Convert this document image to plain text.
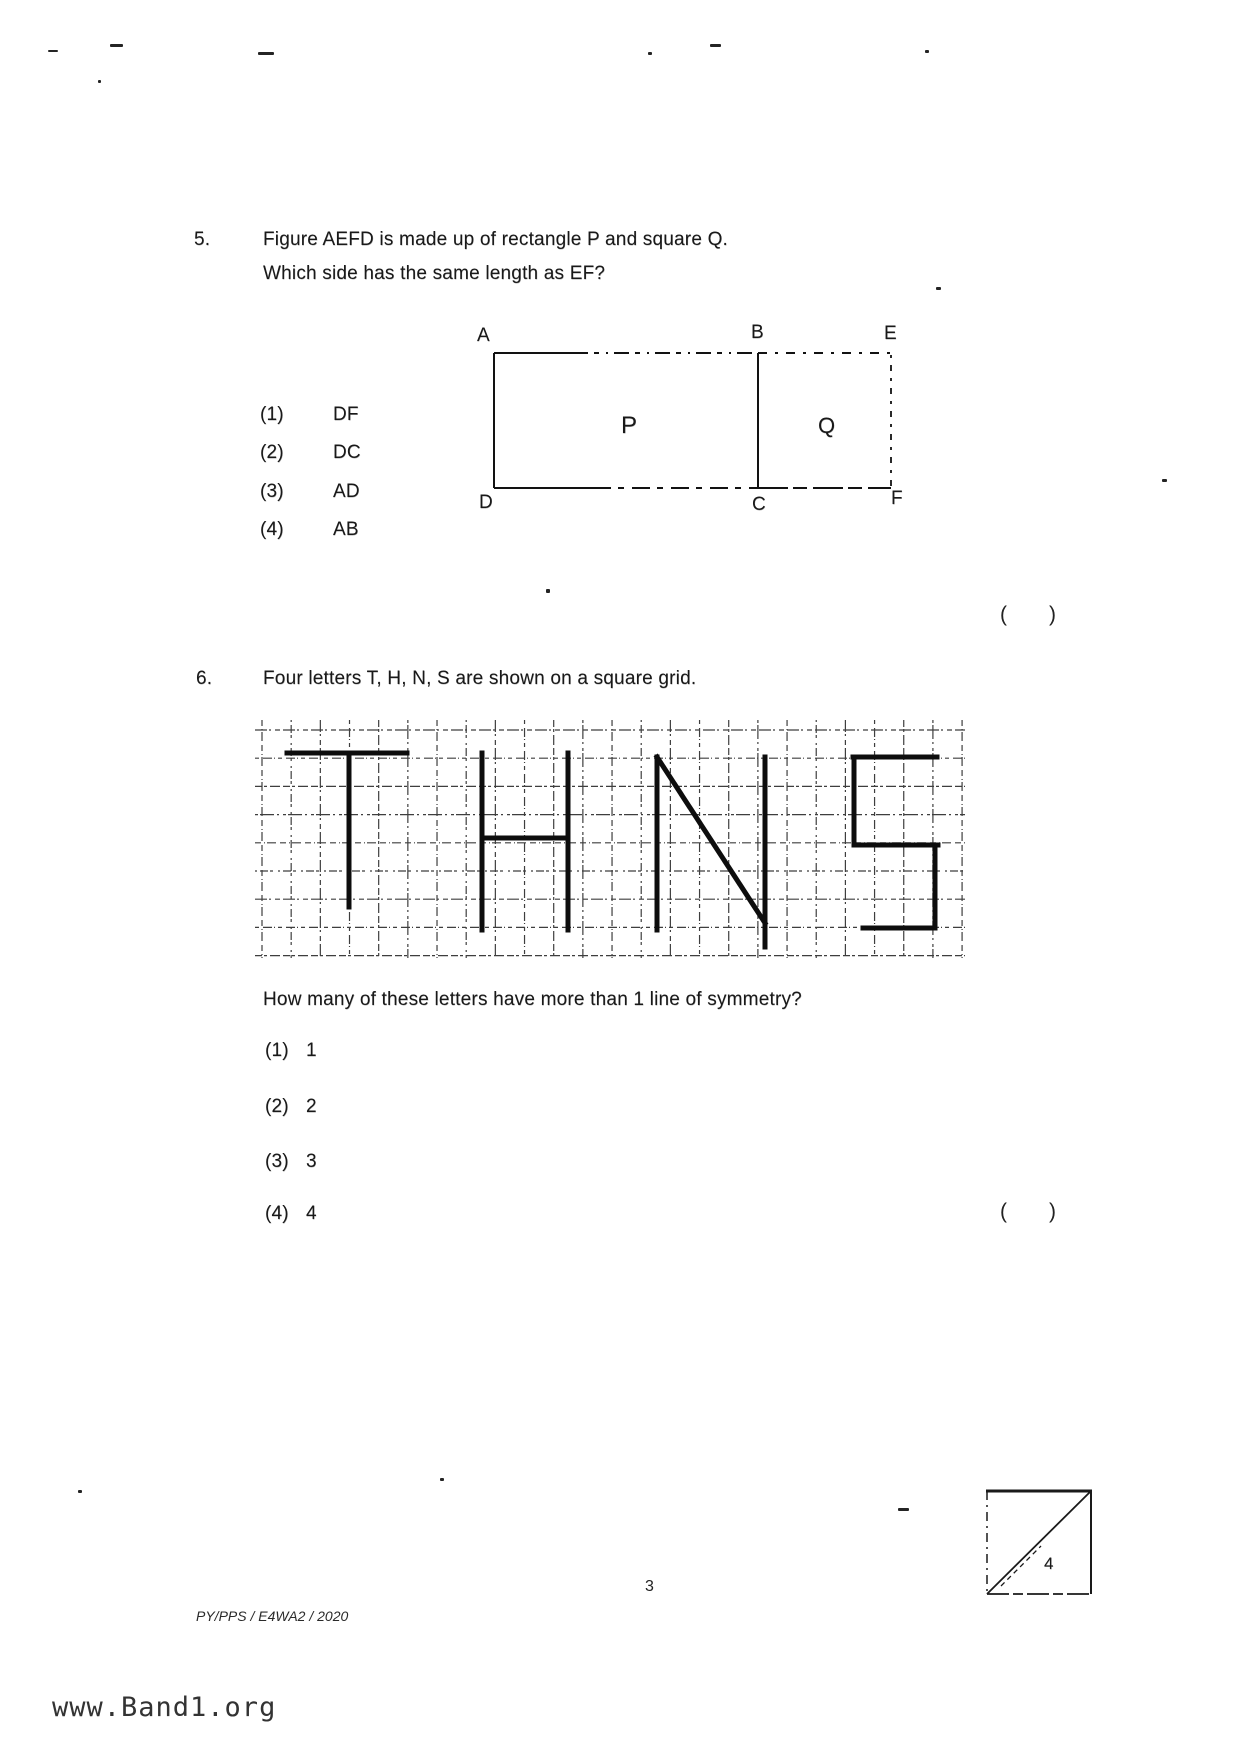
5.	Figure AEFD is made up of rectangle P and square Q.
Which side has the same length as EF?
A	B	E
D	C	F
P	Q
(1)	DF
(2)	DC
(3)	AD
(4)	AB
( )
6.	Four letters T, H, N, S are shown on a square grid.
How many of these letters have more than 1 line of symmetry?
(1) 1
(2) 2
(3) 3
(4) 4	( )
4
3
PY/PPS / E4WA2 / 2020
www.Band1.org
